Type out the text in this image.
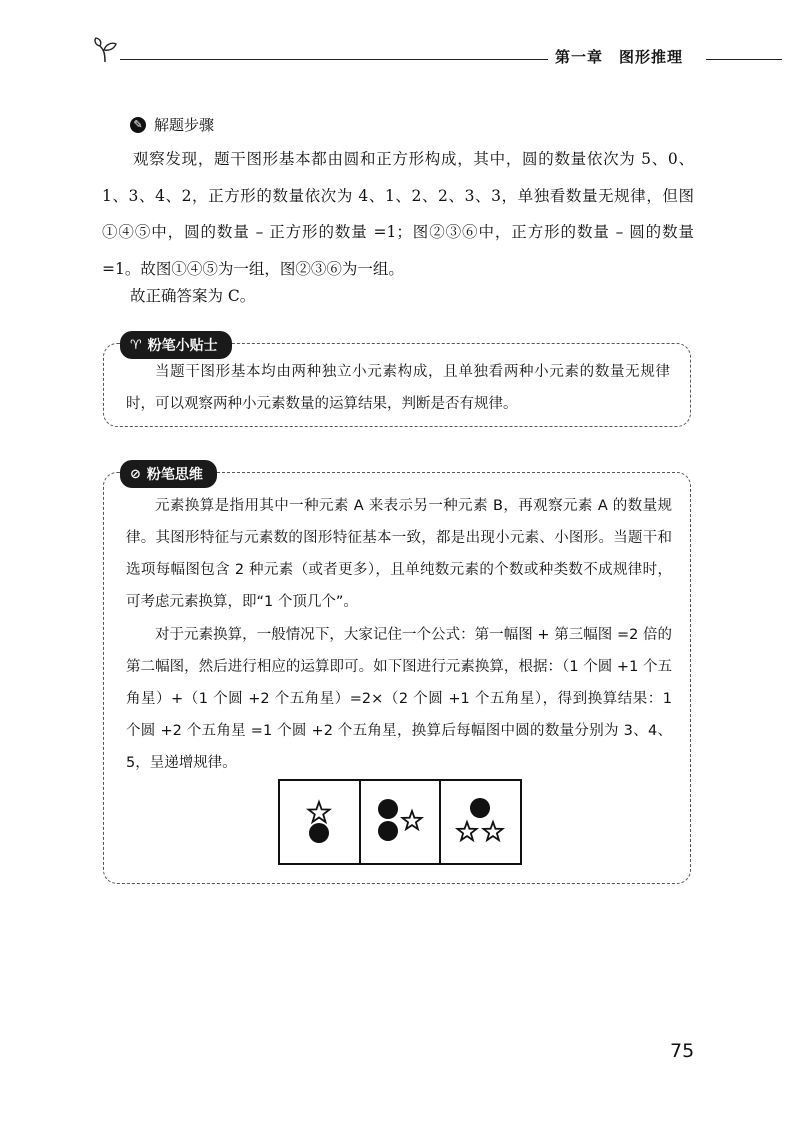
第一章　图形推理
✎ 解题步骤

观察发现，题干图形基本都由圆和正方形构成，其中，圆的数量依次为 5、0、1、3、4、2，正方形的数量依次为 4、1、2、2、3、3，单独看数量无规律，但图①④⑤中，圆的数量 – 正方形的数量 =1；图②③⑥中，正方形的数量 – 圆的数量 =1。故图①④⑤为一组，图②③⑥为一组。

故正确答案为 C。
♈ 粉笔小贴士

当题干图形基本均由两种独立小元素构成，且单独看两种小元素的数量无规律时，可以观察两种小元素数量的运算结果，判断是否有规律。

⊘ 粉笔思维

元素换算是指用其中一种元素 A 来表示另一种元素 B，再观察元素 A 的数量规律。其图形特征与元素数的图形特征基本一致，都是出现小元素、小图形。当题干和选项每幅图包含 2 种元素（或者更多），且单纯数元素的个数或种类数不成规律时，可考虑元素换算，即“1 个顶几个”。

对于元素换算，一般情况下，大家记住一个公式：第一幅图 + 第三幅图 =2 倍的第二幅图，然后进行相应的运算即可。如下图进行元素换算，根据：（1 个圆 +1 个五角星）+（1 个圆 +2 个五角星）=2×（2 个圆 +1 个五角星），得到换算结果：1 个圆 +2 个五角星 =1 个圆 +2 个五角星，换算后每幅图中圆的数量分别为 3、4、5，呈递增规律。

75
